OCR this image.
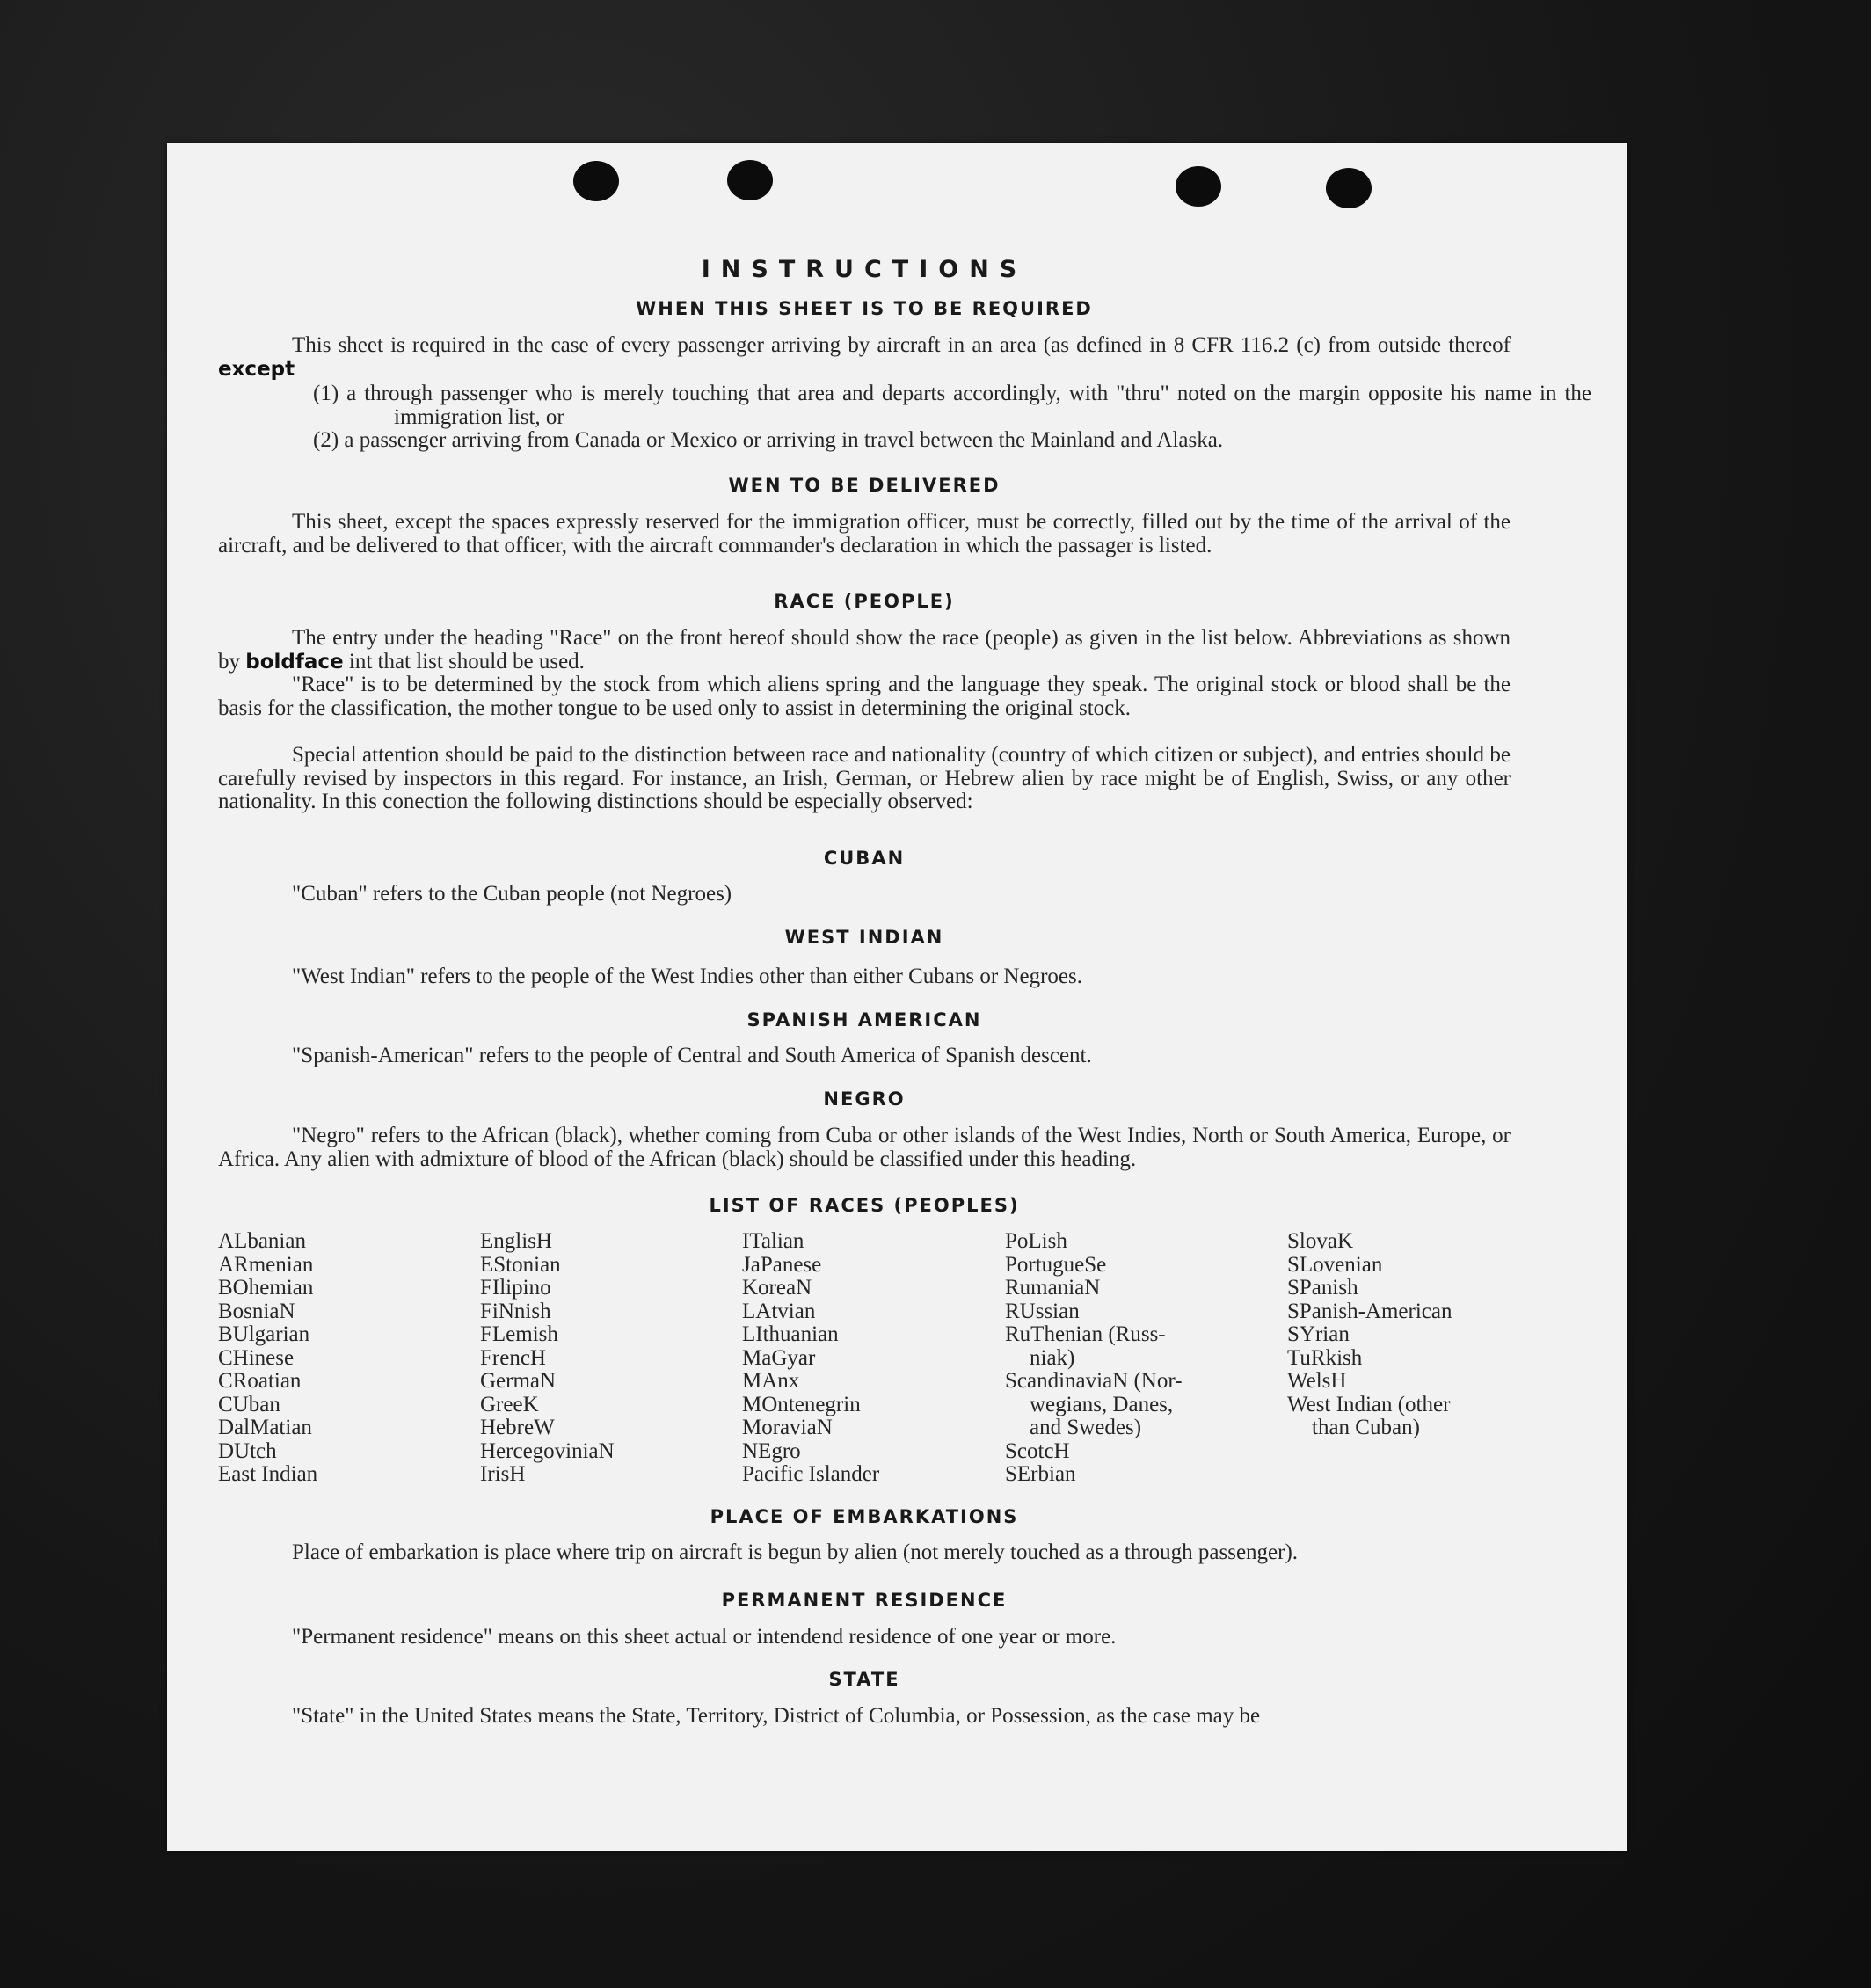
INSTRUCTIONS
WHEN THIS SHEET IS TO BE REQUIRED
This sheet is required in the case of every passenger arriving by aircraft in an area (as defined in 8 CFR 116.2 (c) from outside thereof except
(1) a through passenger who is merely touching that area and departs accordingly, with "thru" noted on the margin opposite his name in the immigration list, or
(2) a passenger arriving from Canada or Mexico or arriving in travel between the Mainland and Alaska.
WEN TO BE DELIVERED
This sheet, except the spaces expressly reserved for the immigration officer, must be correctly, filled out by the time of the arrival of the aircraft, and be delivered to that officer, with the aircraft commander's declaration in which the passager is listed.
RACE (PEOPLE)
The entry under the heading "Race" on the front hereof should show the race (people) as given in the list below. Abbreviations as shown by boldface int that list should be used.
"Race" is to be determined by the stock from which aliens spring and the language they speak. The original stock or blood shall be the basis for the classification, the mother tongue to be used only to assist in determining the original stock.
Special attention should be paid to the distinction between race and nationality (country of which citizen or subject), and entries should be carefully revised by inspectors in this regard. For instance, an Irish, German, or Hebrew alien by race might be of English, Swiss, or any other nationality. In this conection the following distinctions should be especially observed:
CUBAN
"Cuban" refers to the Cuban people (not Negroes)
WEST INDIAN
"West Indian" refers to the people of the West Indies other than either Cubans or Negroes.
SPANISH AMERICAN
"Spanish-American" refers to the people of Central and South America of Spanish descent.
NEGRO
"Negro" refers to the African (black), whether coming from Cuba or other islands of the West Indies, North or South America, Europe, or Africa. Any alien with admixture of blood of the African (black) should be classified under this heading.
LIST OF RACES (PEOPLES)
ALbanian
ARmenian
BOhemian
BosniaN
BUlgarian
CHinese
CRoatian
CUban
DalMatian
DUtch
East Indian
EnglisH
EStonian
FIlipino
FiNnish
FLemish
FrencH
GermaN
GreeK
HebreW
HercegoviniaN
IrisH
ITalian
JaPanese
KoreaN
LAtvian
LIthuanian
MaGyar
MAnx
MOntenegrin
MoraviaN
NEgro
Pacific Islander
PoLish
PortugueSe
RumaniaN
RUssian
RuThenian (Russ-
niak)
ScandinaviaN (Nor-
wegians, Danes,
and Swedes)
ScotcH
SErbian
SlovaK
SLovenian
SPanish
SPanish-American
SYrian
TuRkish
WelsH
West Indian (other
than Cuban)
PLACE OF EMBARKATIONS
Place of embarkation is place where trip on aircraft is begun by alien (not merely touched as a through passenger).
PERMANENT RESIDENCE
"Permanent residence" means on this sheet actual or intendend residence of one year or more.
STATE
"State" in the United States means the State, Territory, District of Columbia, or Possession, as the case may be
